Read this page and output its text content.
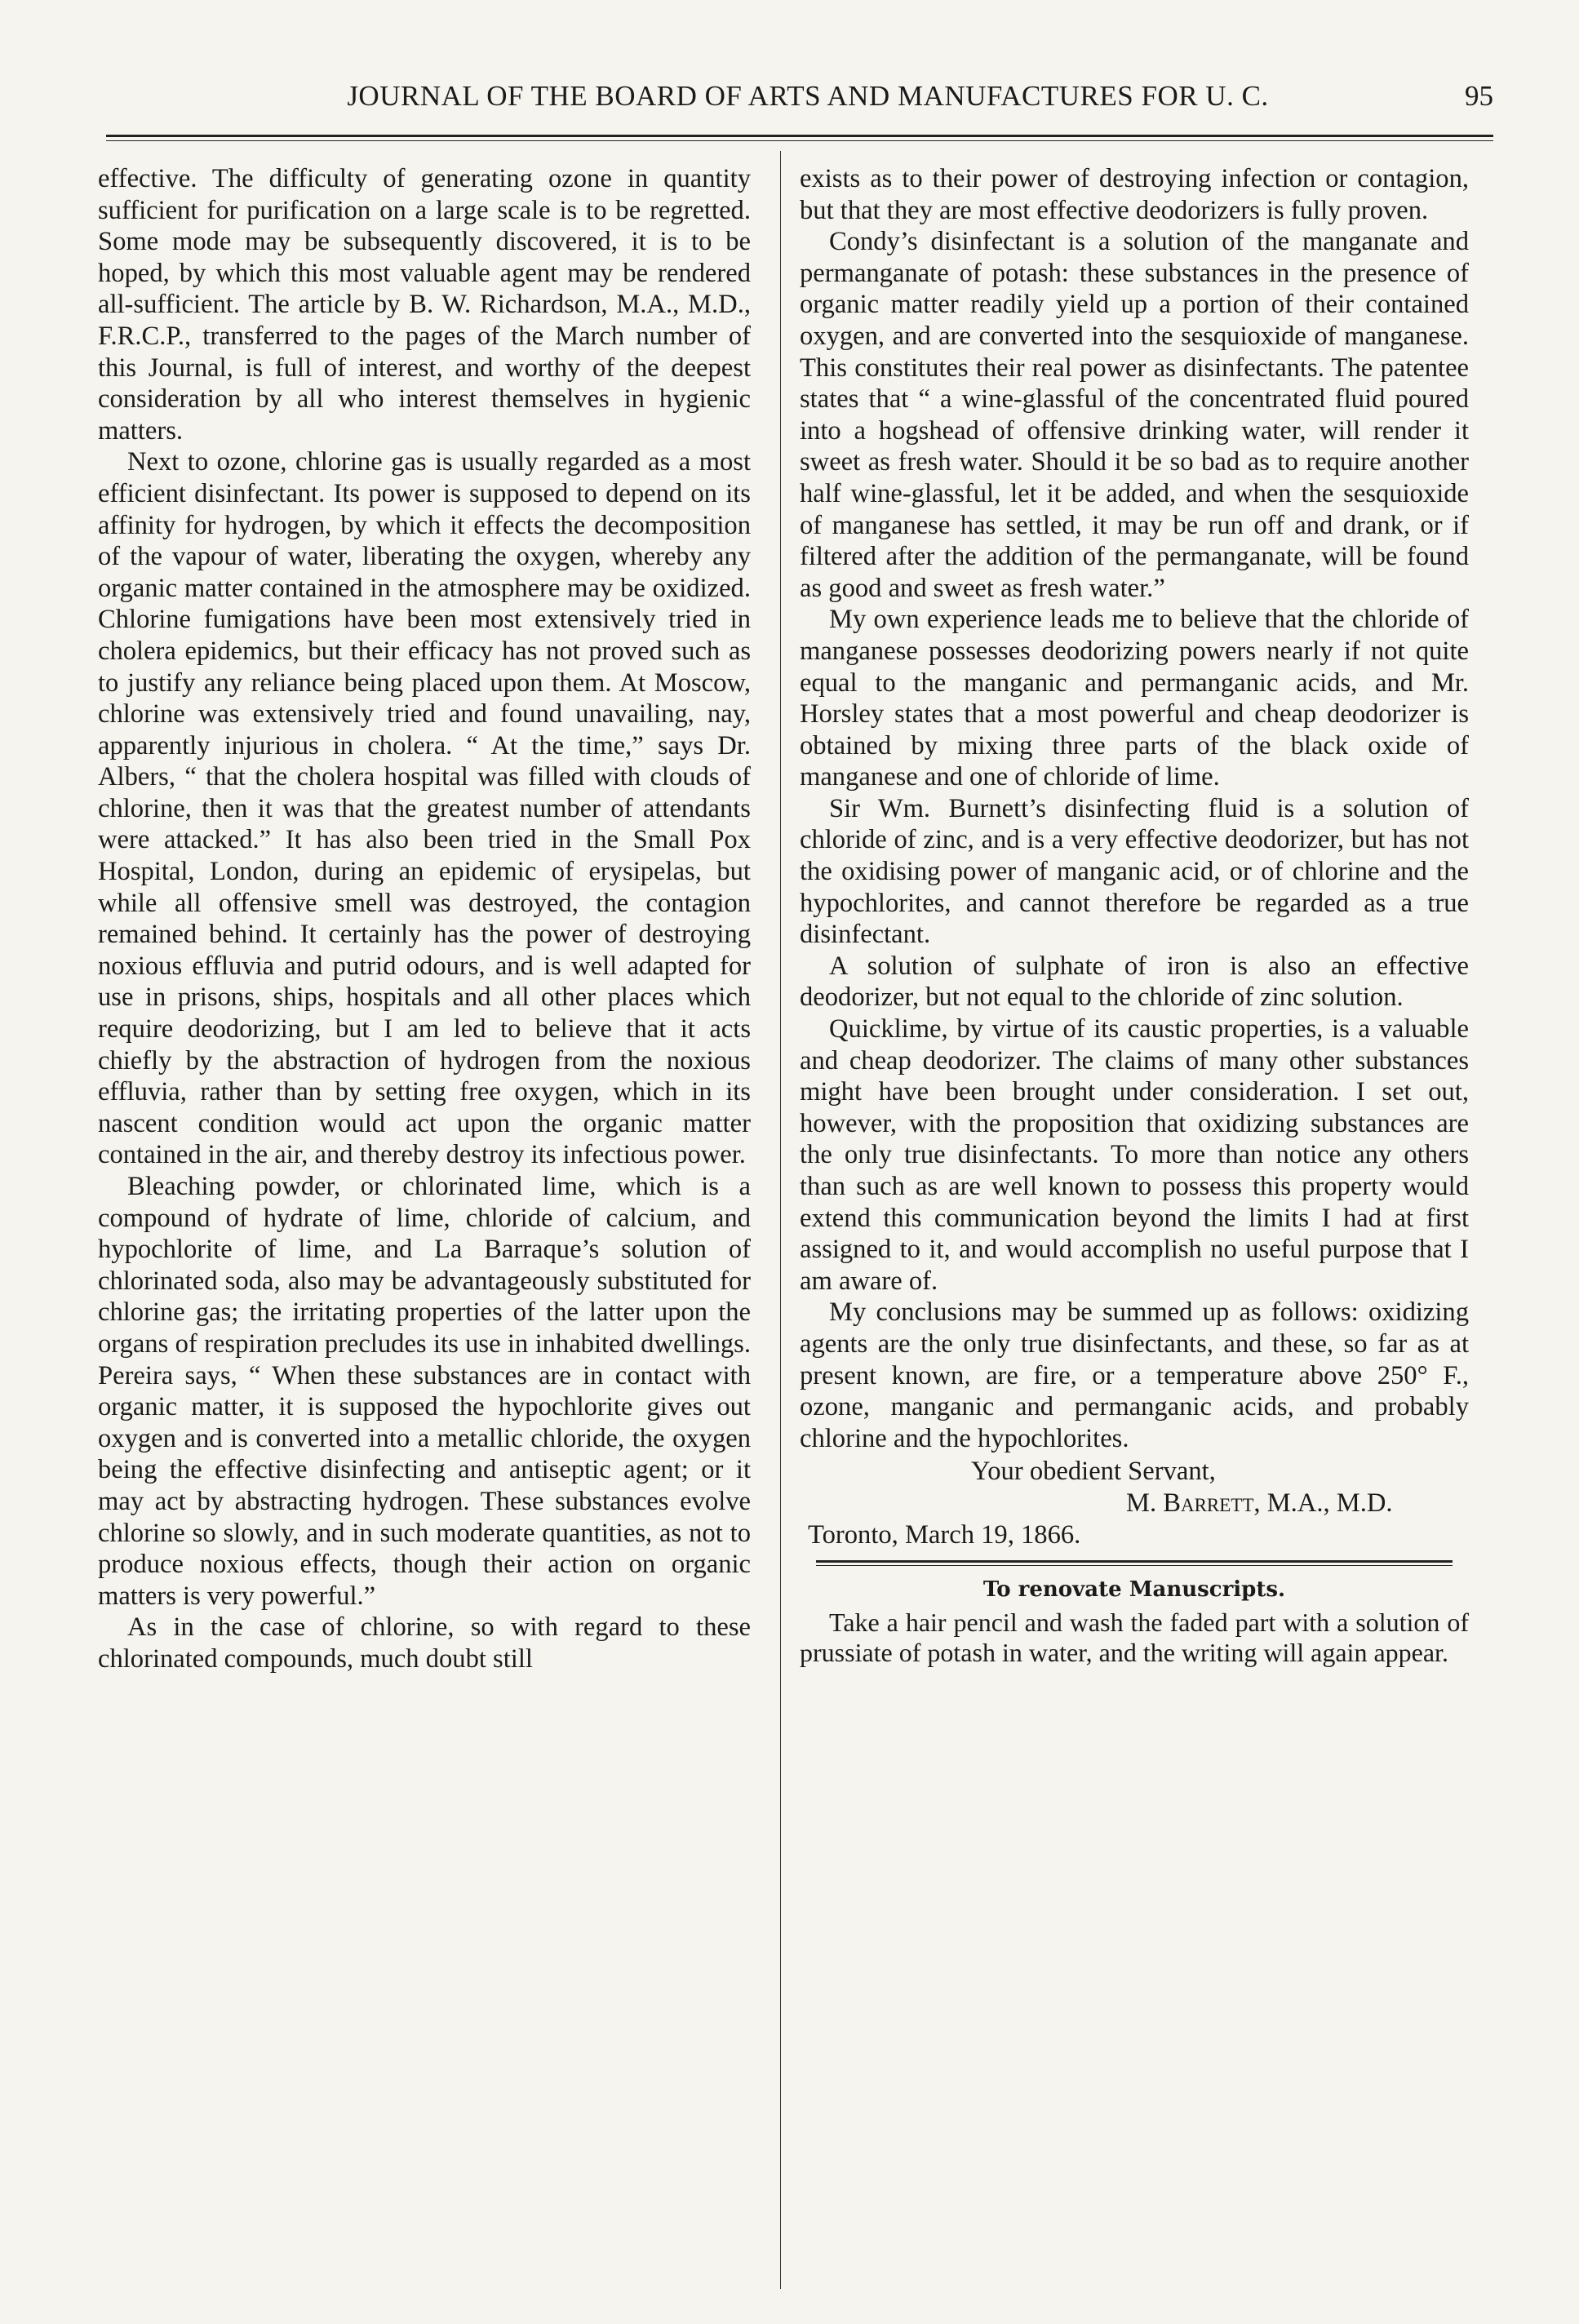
JOURNAL OF THE BOARD OF ARTS AND MANUFACTURES FOR U. C.	95

effective. The difficulty of generating ozone in quantity sufficient for purification on a large scale is to be regretted. Some mode may be subsequently discovered, it is to be hoped, by which this most valuable agent may be rendered all-sufficient. The article by B. W. Richardson, M.A., M.D., F.R.C.P., transferred to the pages of the March number of this Journal, is full of interest, and worthy of the deepest consideration by all who interest themselves in hygienic matters.

Next to ozone, chlorine gas is usually regarded as a most efficient disinfectant. Its power is supposed to depend on its affinity for hydrogen, by which it effects the decomposition of the vapour of water, liberating the oxygen, whereby any organic matter contained in the atmosphere may be oxidized. Chlorine fumigations have been most extensively tried in cholera epidemics, but their efficacy has not proved such as to justify any reliance being placed upon them. At Moscow, chlorine was extensively tried and found unavailing, nay, apparently injurious in cholera. “ At the time,” says Dr. Albers, “ that the cholera hospital was filled with clouds of chlorine, then it was that the greatest number of attendants were attacked.” It has also been tried in the Small Pox Hospital, London, during an epidemic of erysipelas, but while all offensive smell was destroyed, the contagion remained behind. It certainly has the power of destroying noxious effluvia and putrid odours, and is well adapted for use in prisons, ships, hospitals and all other places which require deodorizing, but I am led to believe that it acts chiefly by the abstraction of hydrogen from the noxious effluvia, rather than by setting free oxygen, which in its nascent condition would act upon the organic matter contained in the air, and thereby destroy its infectious power.

Bleaching powder, or chlorinated lime, which is a compound of hydrate of lime, chloride of calcium, and hypochlorite of lime, and La Barraque’s solution of chlorinated soda, also may be advantageously substituted for chlorine gas; the irritating properties of the latter upon the organs of respiration precludes its use in inhabited dwellings. Pereira says, “ When these substances are in contact with organic matter, it is supposed the hypochlorite gives out oxygen and is converted into a metallic chloride, the oxygen being the effective disinfecting and antiseptic agent; or it may act by abstracting hydrogen. These substances evolve chlorine so slowly, and in such moderate quantities, as not to produce noxious effects, though their action on organic matters is very powerful.”

As in the case of chlorine, so with regard to these chlorinated compounds, much doubt still

exists as to their power of destroying infection or contagion, but that they are most effective deodorizers is fully proven.

Condy’s disinfectant is a solution of the manganate and permanganate of potash: these substances in the presence of organic matter readily yield up a portion of their contained oxygen, and are converted into the sesquioxide of manganese. This constitutes their real power as disinfectants. The patentee states that “ a wine-glassful of the concentrated fluid poured into a hogshead of offensive drinking water, will render it sweet as fresh water. Should it be so bad as to require another half wine-glassful, let it be added, and when the sesquioxide of manganese has settled, it may be run off and drank, or if filtered after the addition of the permanganate, will be found as good and sweet as fresh water.”

My own experience leads me to believe that the chloride of manganese possesses deodorizing powers nearly if not quite equal to the manganic and permanganic acids, and Mr. Horsley states that a most powerful and cheap deodorizer is obtained by mixing three parts of the black oxide of manganese and one of chloride of lime.

Sir Wm. Burnett’s disinfecting fluid is a solution of chloride of zinc, and is a very effective deodorizer, but has not the oxidising power of manganic acid, or of chlorine and the hypochlorites, and cannot therefore be regarded as a true disinfectant.

A solution of sulphate of iron is also an effective deodorizer, but not equal to the chloride of zinc solution.

Quicklime, by virtue of its caustic properties, is a valuable and cheap deodorizer. The claims of many other substances might have been brought under consideration. I set out, however, with the proposition that oxidizing substances are the only true disinfectants. To more than notice any others than such as are well known to possess this property would extend this communication beyond the limits I had at first assigned to it, and would accomplish no useful purpose that I am aware of.

My conclusions may be summed up as follows: oxidizing agents are the only true disinfectants, and these, so far as at present known, are fire, or a temperature above 250° F., ozone, manganic and permanganic acids, and probably chlorine and the hypochlorites.

Your obedient Servant,
M. Barrett, M.A., M.D.
Toronto, March 19, 1866.

To renovate Manuscripts.

Take a hair pencil and wash the faded part with a solution of prussiate of potash in water, and the writing will again appear.
